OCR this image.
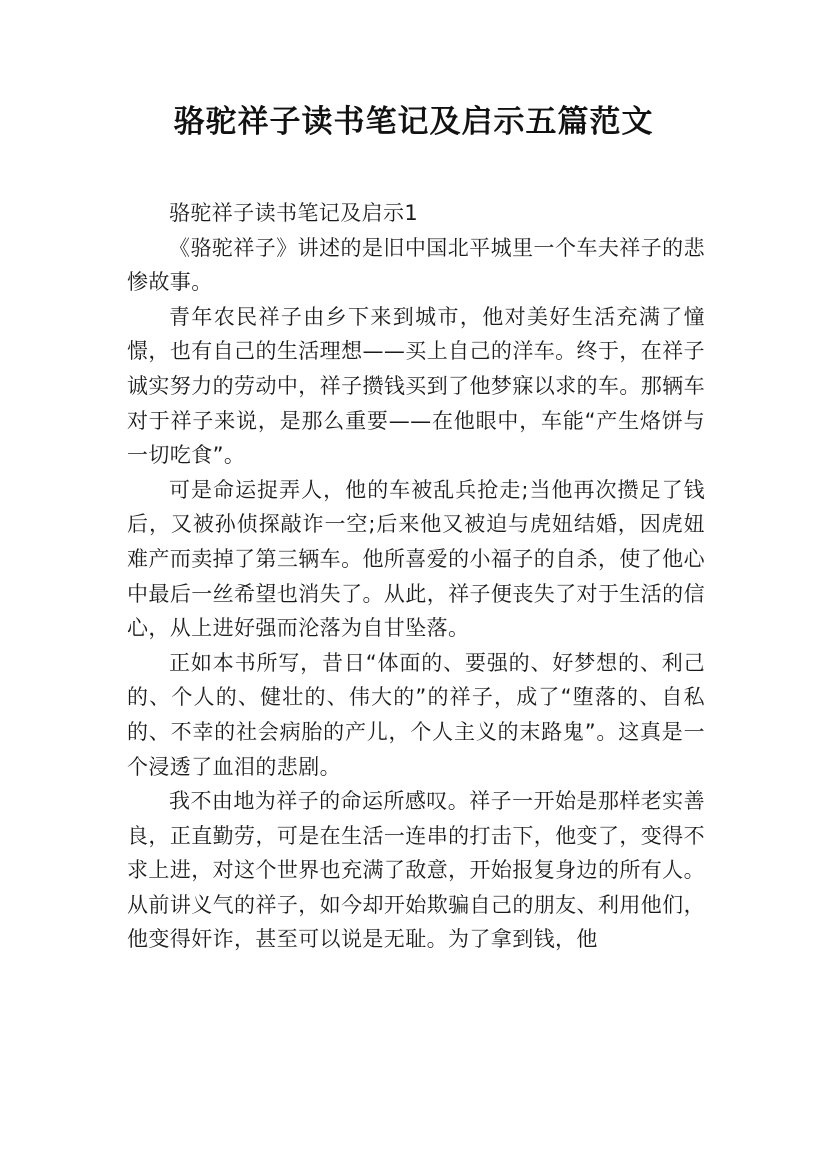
骆驼祥子读书笔记及启示五篇范文

骆驼祥子读书笔记及启示1

《骆驼祥子》讲述的是旧中国北平城里一个车夫祥子的悲惨故事。

青年农民祥子由乡下来到城市，他对美好生活充满了憧憬，也有自己的生活理想——买上自己的洋车。终于，在祥子诚实努力的劳动中，祥子攒钱买到了他梦寐以求的车。那辆车对于祥子来说，是那么重要——在他眼中，车能“产生烙饼与一切吃食”。

可是命运捉弄人，他的车被乱兵抢走;当他再次攒足了钱后，又被孙侦探敲诈一空;后来他又被迫与虎妞结婚，因虎妞难产而卖掉了第三辆车。他所喜爱的小福子的自杀，使了他心中最后一丝希望也消失了。从此，祥子便丧失了对于生活的信心，从上进好强而沦落为自甘坠落。

正如本书所写，昔日“体面的、要强的、好梦想的、利己的、个人的、健壮的、伟大的”的祥子，成了“堕落的、自私的、不幸的社会病胎的产儿，个人主义的末路鬼”。这真是一个浸透了血泪的悲剧。

我不由地为祥子的命运所感叹。祥子一开始是那样老实善良，正直勤劳，可是在生活一连串的打击下，他变了，变得不求上进，对这个世界也充满了敌意，开始报复身边的所有人。从前讲义气的祥子，如今却开始欺骗自己的朋友、利用他们，他变得奸诈，甚至可以说是无耻。为了拿到钱，他
